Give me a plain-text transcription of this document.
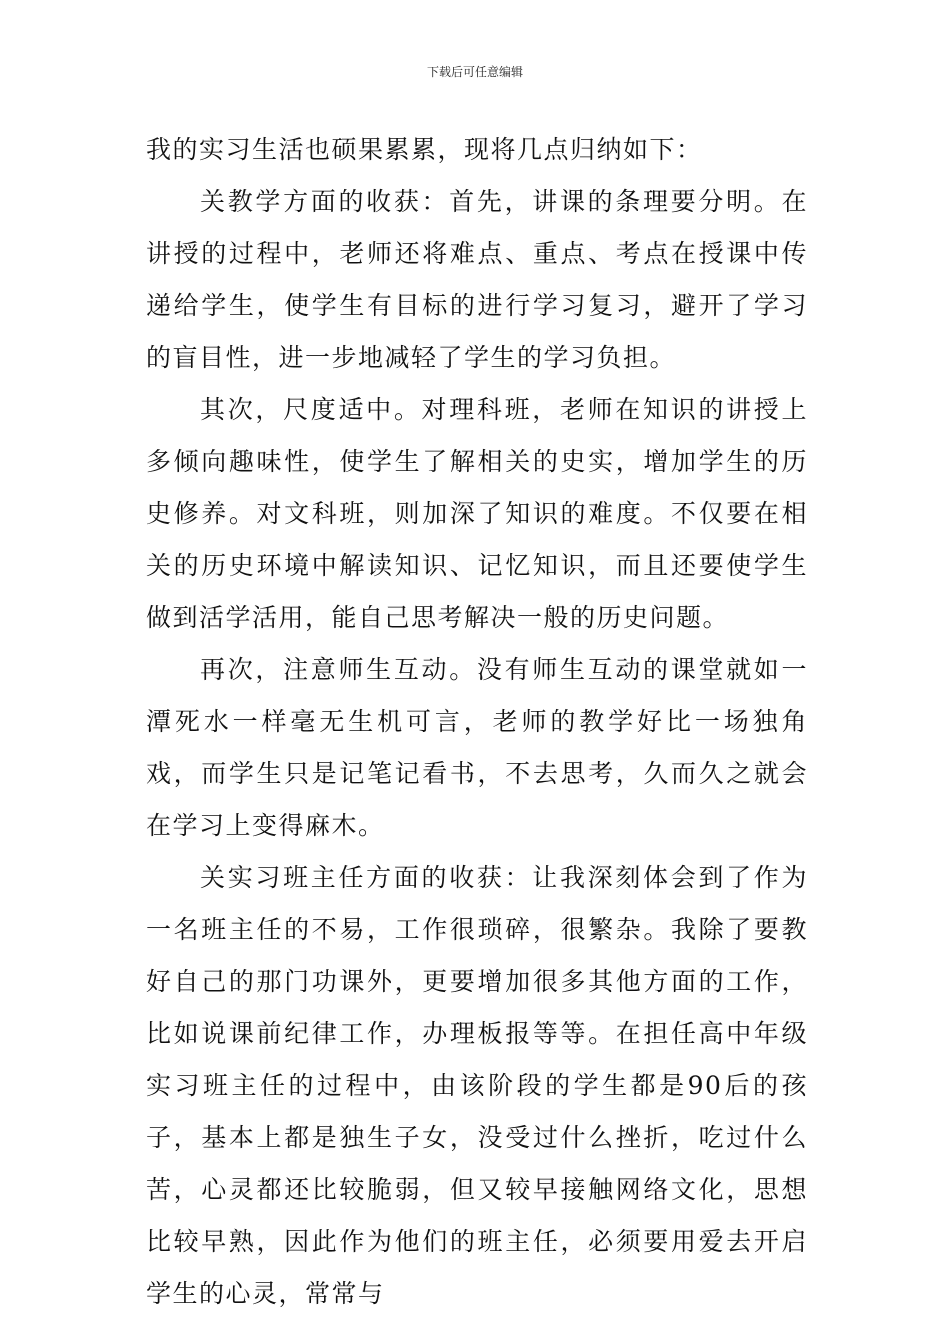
下载后可任意编辑

我的实习生活也硕果累累，现将几点归纳如下：

关教学方面的收获：首先，讲课的条理要分明。在讲授的过程中，老师还将难点、重点、考点在授课中传递给学生，使学生有目标的进行学习复习，避开了学习的盲目性，进一步地减轻了学生的学习负担。

其次，尺度适中。对理科班，老师在知识的讲授上多倾向趣味性，使学生了解相关的史实，增加学生的历史修养。对文科班，则加深了知识的难度。不仅要在相关的历史环境中解读知识、记忆知识，而且还要使学生做到活学活用，能自己思考解决一般的历史问题。

再次，注意师生互动。没有师生互动的课堂就如一潭死水一样毫无生机可言，老师的教学好比一场独角戏，而学生只是记笔记看书，不去思考，久而久之就会在学习上变得麻木。

关实习班主任方面的收获：让我深刻体会到了作为一名班主任的不易，工作很琐碎，很繁杂。我除了要教好自己的那门功课外，更要增加很多其他方面的工作，比如说课前纪律工作，办理板报等等。在担任高中年级实习班主任的过程中，由该阶段的学生都是90后的孩子，基本上都是独生子女，没受过什么挫折，吃过什么苦，心灵都还比较脆弱，但又较早接触网络文化，思想比较早熟，因此作为他们的班主任，必须要用爱去开启学生的心灵，常常与
